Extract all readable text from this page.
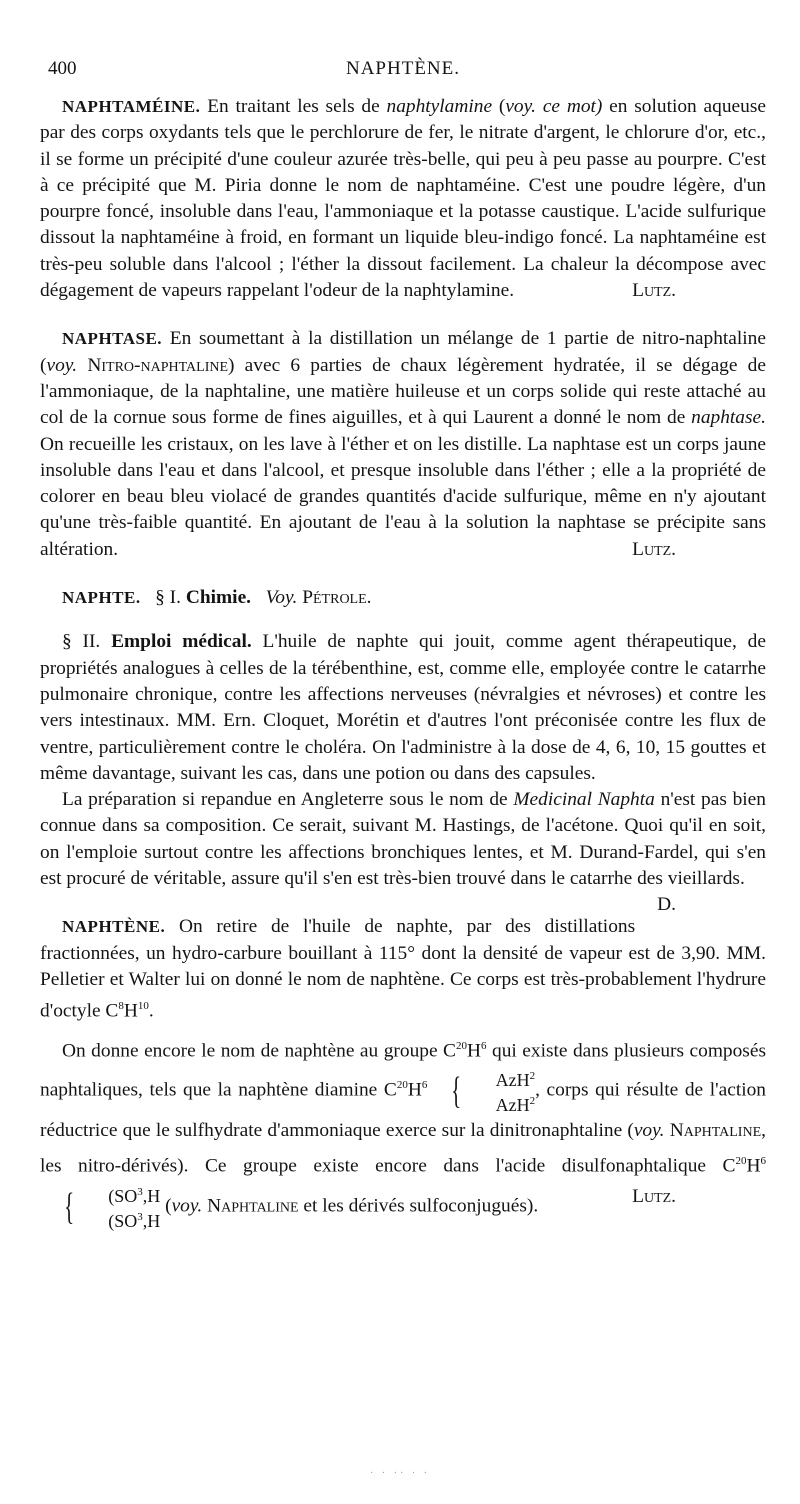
400	NAPHTÈNE.

NAPHTAMÉINE. En traitant les sels de naphtylamine (voy. ce mot) en solution aqueuse par des corps oxydants tels que le perchlorure de fer, le nitrate d'argent, le chlorure d'or, etc., il se forme un précipité d'une couleur azurée très-belle, qui peu à peu passe au pourpre. C'est à ce précipité que M. Piria donne le nom de naphtaméine. C'est une poudre légère, d'un pourpre foncé, insoluble dans l'eau, l'ammoniaque et la potasse caustique. L'acide sulfurique dissout la naphtaméine à froid, en formant un liquide bleu-indigo foncé. La naphtaméine est très-peu soluble dans l'alcool ; l'éther la dissout facilement. La chaleur la décompose avec dégagement de vapeurs rappelant l'odeur de la naphtylamine.	Lutz.

NAPHTASE. En soumettant à la distillation un mélange de 1 partie de nitro-naphtaline (voy. Nitro-naphtaline) avec 6 parties de chaux légèrement hydratée, il se dégage de l'ammoniaque, de la naphtaline, une matière huileuse et un corps solide qui reste attaché au col de la cornue sous forme de fines aiguilles, et à qui Laurent a donné le nom de naphtase. On recueille les cristaux, on les lave à l'éther et on les distille. La naphtase est un corps jaune insoluble dans l'eau et dans l'alcool, et presque insoluble dans l'éther ; elle a la propriété de colorer en beau bleu violacé de grandes quantités d'acide sulfurique, même en n'y ajoutant qu'une très-faible quantité. En ajoutant de l'eau à la solution la naphtase se précipite sans altération.	Lutz.

NAPHTE. § I. Chimie. Voy. Pétrole.

§ II. Emploi médical. L'huile de naphte qui jouit, comme agent thérapeutique, de propriétés analogues à celles de la térébenthine, est, comme elle, employée contre le catarrhe pulmonaire chronique, contre les affections nerveuses (névralgies et névroses) et contre les vers intestinaux. MM. Ern. Cloquet, Morétin et d'autres l'ont préconisée contre les flux de ventre, particulièrement contre le choléra. On l'administre à la dose de 4, 6, 10, 15 gouttes et même davantage, suivant les cas, dans une potion ou dans des capsules.

La préparation si repandue en Angleterre sous le nom de Medicinal Naphta n'est pas bien connue dans sa composition. Ce serait, suivant M. Hastings, de l'acétone. Quoi qu'il en soit, on l'emploie surtout contre les affections bronchiques lentes, et M. Durand-Fardel, qui s'en est procuré de véritable, assure qu'il s'en est très-bien trouvé dans le catarrhe des vieillards.
D.

NAPHTÈNE. On retire de l'huile de naphte, par des distillations fractionnées, un hydro-carbure bouillant à 115° dont la densité de vapeur est de 3,90. MM. Pelletier et Walter lui on donné le nom de naphtène. Ce corps est très-probablement l'hydrure d'octyle $C^8H^{10}$.

On donne encore le nom de naphtène au groupe $C^{20}H^6$ qui existe dans plusieurs composés naphtaliques, tels que la naphtène diamine $C^{20}H^6$ {	AzH$^2$
AzH$^2$
, corps qui résulte de l'action réductrice que le sulfhydrate d'ammoniaque exerce sur la dinitronaphtaline (voy. Naphtaline, les nitro-dérivés). Ce groupe existe encore dans l'acide disulfonaphtalique $C^{20}H^6$
{	($SO^3,H$
($SO^3,H$
(voy. Naphtaline et les dérivés sulfoconjugués).	Lutz.

· · ·· · ·
